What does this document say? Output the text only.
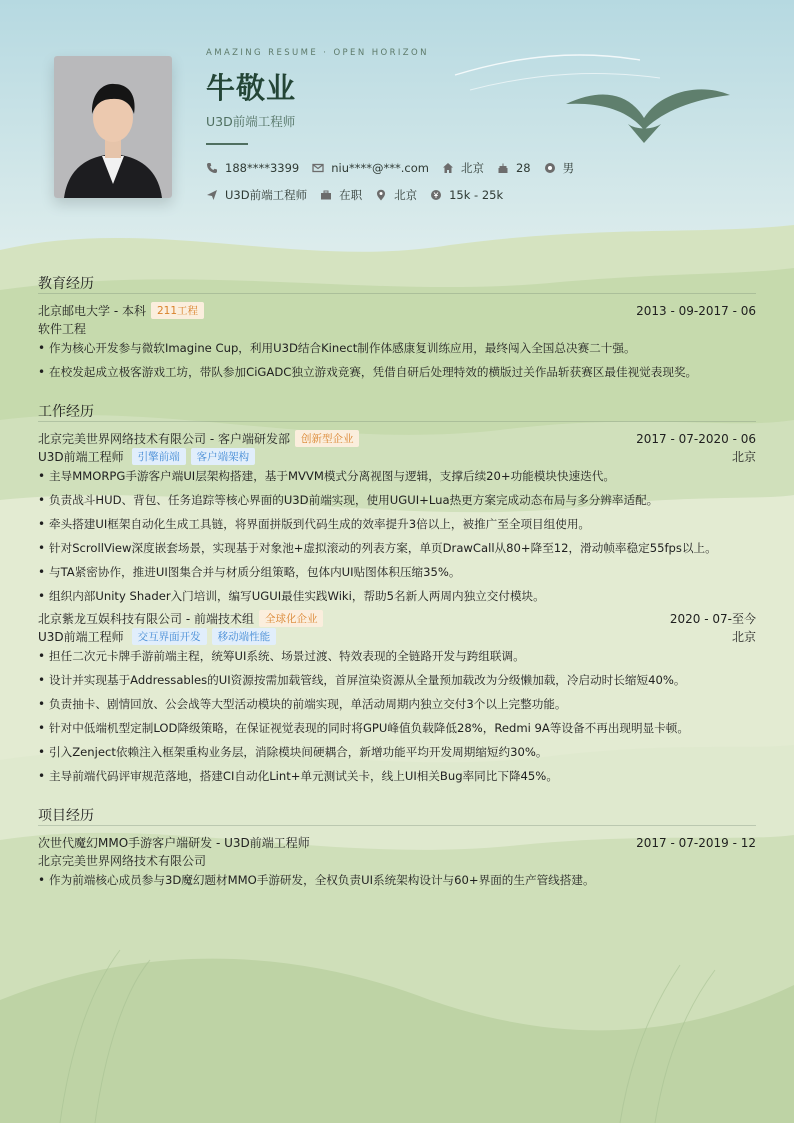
AMAZING RESUME · OPEN HORIZON
牛敬业
U3D前端工程师
188****3399	niu****@***.com	北京	28	男
U3D前端工程师	在职	北京	15k - 25k
教育经历
北京邮电大学 - 本科	211工程	2013 - 09-2017 - 06
软件工程
• 作为核心开发参与微软Imagine Cup，利用U3D结合Kinect制作体感康复训练应用，最终闯入全国总决赛二十强。
• 在校发起成立极客游戏工坊，带队参加CiGADC独立游戏竞赛，凭借自研后处理特效的横版过关作品斩获赛区最佳视觉表现奖。
工作经历
北京完美世界网络技术有限公司 - 客户端研发部	创新型企业	2017 - 07-2020 - 06
U3D前端工程师	引擎前端	客户端架构	北京
• 主导MMORPG手游客户端UI层架构搭建，基于MVVM模式分离视图与逻辑，支撑后续20+功能模块快速迭代。
• 负责战斗HUD、背包、任务追踪等核心界面的U3D前端实现，使用UGUI+Lua热更方案完成动态布局与多分辨率适配。
• 牵头搭建UI框架自动化生成工具链，将界面拼版到代码生成的效率提升3倍以上，被推广至全项目组使用。
• 针对ScrollView深度嵌套场景，实现基于对象池+虚拟滚动的列表方案，单页DrawCall从80+降至12，滑动帧率稳定55fps以上。
• 与TA紧密协作，推进UI图集合并与材质分组策略，包体内UI贴图体积压缩35%。
• 组织内部Unity Shader入门培训，编写UGUI最佳实践Wiki，帮助5名新人两周内独立交付模块。
北京紫龙互娱科技有限公司 - 前端技术组	全球化企业	2020 - 07-至今
U3D前端工程师	交互界面开发	移动端性能	北京
• 担任二次元卡牌手游前端主程，统筹UI系统、场景过渡、特效表现的全链路开发与跨组联调。
• 设计并实现基于Addressables的UI资源按需加载管线，首屏渲染资源从全量预加载改为分级懒加载，冷启动时长缩短40%。
• 负责抽卡、剧情回放、公会战等大型活动模块的前端实现，单活动周期内独立交付3个以上完整功能。
• 针对中低端机型定制LOD降级策略，在保证视觉表现的同时将GPU峰值负载降低28%，Redmi 9A等设备不再出现明显卡顿。
• 引入Zenject依赖注入框架重构业务层，消除模块间硬耦合，新增功能平均开发周期缩短约30%。
• 主导前端代码评审规范落地，搭建CI自动化Lint+单元测试关卡，线上UI相关Bug率同比下降45%。
项目经历
次世代魔幻MMO手游客户端研发 - U3D前端工程师	2017 - 07-2019 - 12
北京完美世界网络技术有限公司
• 作为前端核心成员参与3D魔幻题材MMO手游研发，全权负责UI系统架构设计与60+界面的生产管线搭建。
